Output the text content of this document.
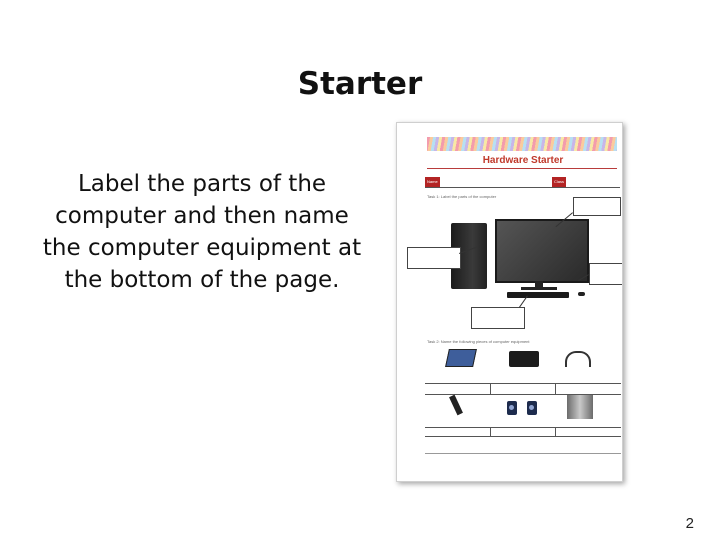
Starter
Label the parts of the computer and then name the computer equipment at the bottom of the page.
Hardware Starter
Name	Class
Task 1: Label the parts of the computer
Task 2: Name the following pieces of computer equipment
2
